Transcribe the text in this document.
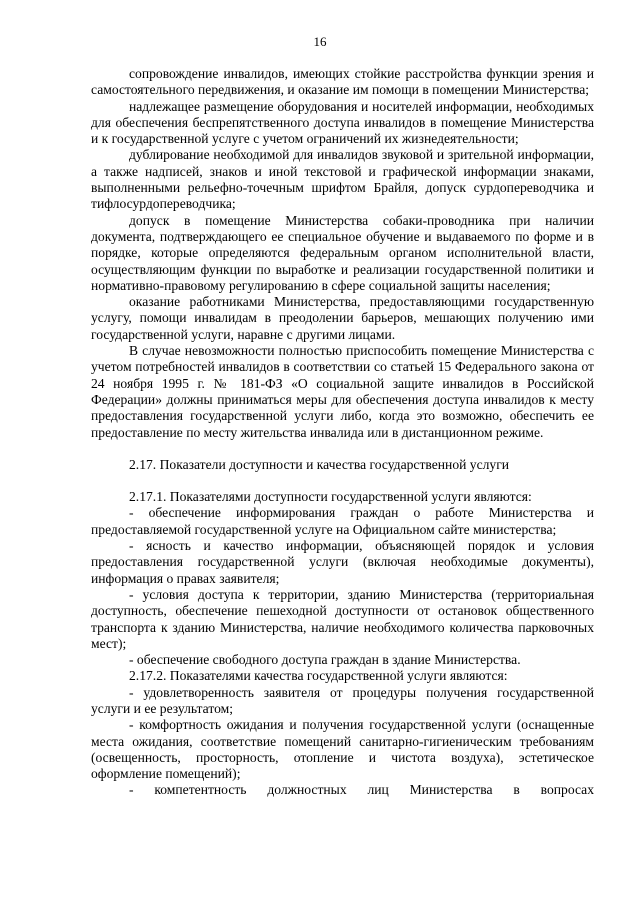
16

сопровождение инвалидов, имеющих стойкие расстройства функции зрения и самостоятельного передвижения, и оказание им помощи в помещении Министерства;

надлежащее размещение оборудования и носителей информации, необходимых для обеспечения беспрепятственного доступа инвалидов в помещение Министерства и к государственной услуге с учетом ограничений их жизнедеятельности;

дублирование необходимой для инвалидов звуковой и зрительной информации, а также надписей, знаков и иной текстовой и графической информации знаками, выполненными рельефно-точечным шрифтом Брайля, допуск сурдопереводчика и тифлосурдопереводчика;

допуск в помещение Министерства собаки-проводника при наличии документа, подтверждающего ее специальное обучение и выдаваемого по форме и в порядке, которые определяются федеральным органом исполнительной власти, осуществляющим функции по выработке и реализации государственной политики и нормативно-правовому регулированию в сфере социальной защиты населения;

оказание работниками Министерства, предоставляющими государственную услугу, помощи инвалидам в преодолении барьеров, мешающих получению ими государственной услуги, наравне с другими лицами.

В случае невозможности полностью приспособить помещение Министерства с учетом потребностей инвалидов в соответствии со статьей 15 Федерального закона от 24 ноября 1995 г. № 181-ФЗ «О социальной защите инвалидов в Российской Федерации» должны приниматься меры для обеспечения доступа инвалидов к месту предоставления государственной услуги либо, когда это возможно, обеспечить ее предоставление по месту жительства инвалида или в дистанционном режиме.

2.17. Показатели доступности и качества государственной услуги

2.17.1. Показателями доступности государственной услуги являются:

- обеспечение информирования граждан о работе Министерства и предоставляемой государственной услуге на Официальном сайте министерства;

- ясность и качество информации, объясняющей порядок и условия предоставления государственной услуги (включая необходимые документы), информация о правах заявителя;

- условия доступа к территории, зданию Министерства (территориальная доступность, обеспечение пешеходной доступности от остановок общественного транспорта к зданию Министерства, наличие необходимого количества парковочных мест);

- обеспечение свободного доступа граждан в здание Министерства.

2.17.2. Показателями качества государственной услуги являются:

- удовлетворенность заявителя от процедуры получения государственной услуги и ее результатом;

- комфортность ожидания и получения государственной услуги (оснащенные места ожидания, соответствие помещений санитарно-гигиеническим требованиям (освещенность, просторность, отопление и чистота воздуха), эстетическое оформление помещений);

- компетентность должностных лиц Министерства в вопросах
